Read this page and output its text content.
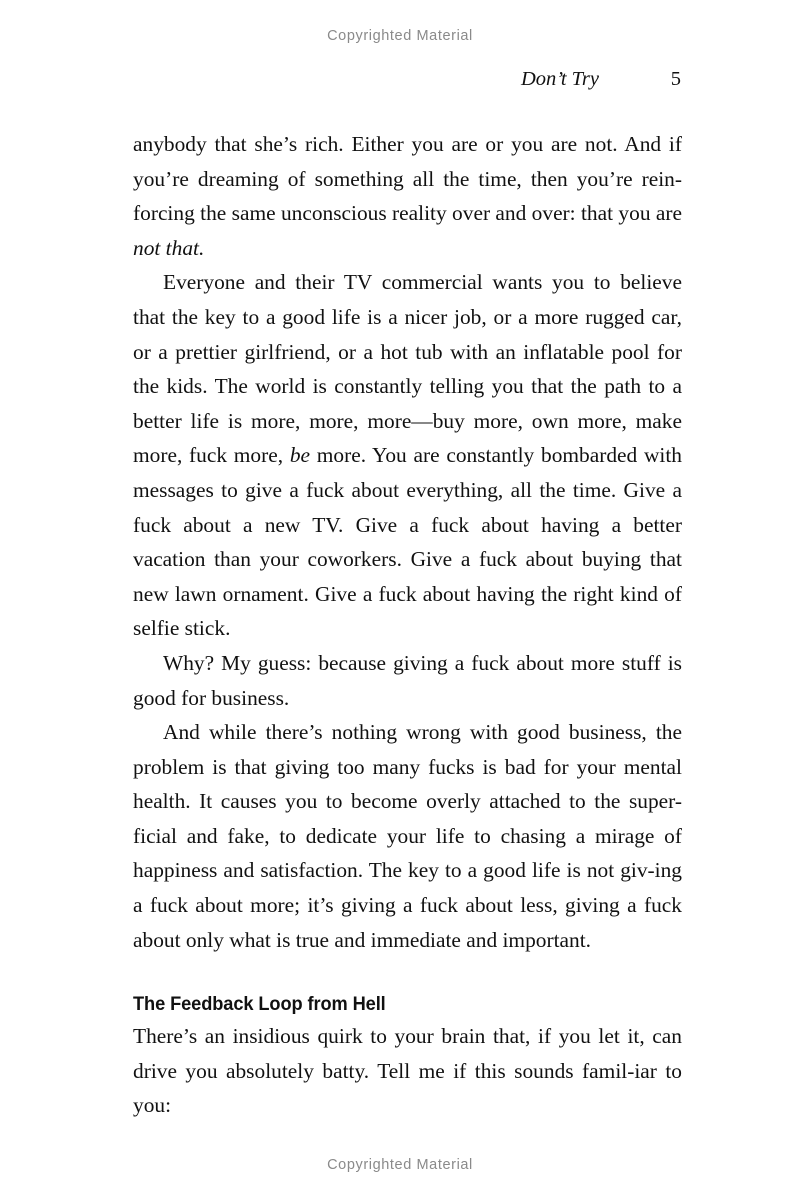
Copyrighted Material
Don’t Try	5

anybody that she’s rich. Either you are or you are not. And if you’re dreaming of something all the time, then you’re rein-forcing the same unconscious reality over and over: that you are not that.

Everyone and their TV commercial wants you to believe that the key to a good life is a nicer job, or a more rugged car, or a prettier girlfriend, or a hot tub with an inflatable pool for the kids. The world is constantly telling you that the path to a better life is more, more, more—buy more, own more, make more, fuck more, be more. You are constantly bombarded with messages to give a fuck about everything, all the time. Give a fuck about a new TV. Give a fuck about having a better vacation than your coworkers. Give a fuck about buying that new lawn ornament. Give a fuck about having the right kind of selfie stick.

Why? My guess: because giving a fuck about more stuff is good for business.

And while there’s nothing wrong with good business, the problem is that giving too many fucks is bad for your mental health. It causes you to become overly attached to the super-ficial and fake, to dedicate your life to chasing a mirage of happiness and satisfaction. The key to a good life is not giv-ing a fuck about more; it’s giving a fuck about less, giving a fuck about only what is true and immediate and important.

The Feedback Loop from Hell

There’s an insidious quirk to your brain that, if you let it, can drive you absolutely batty. Tell me if this sounds famil-iar to you:

Copyrighted Material
